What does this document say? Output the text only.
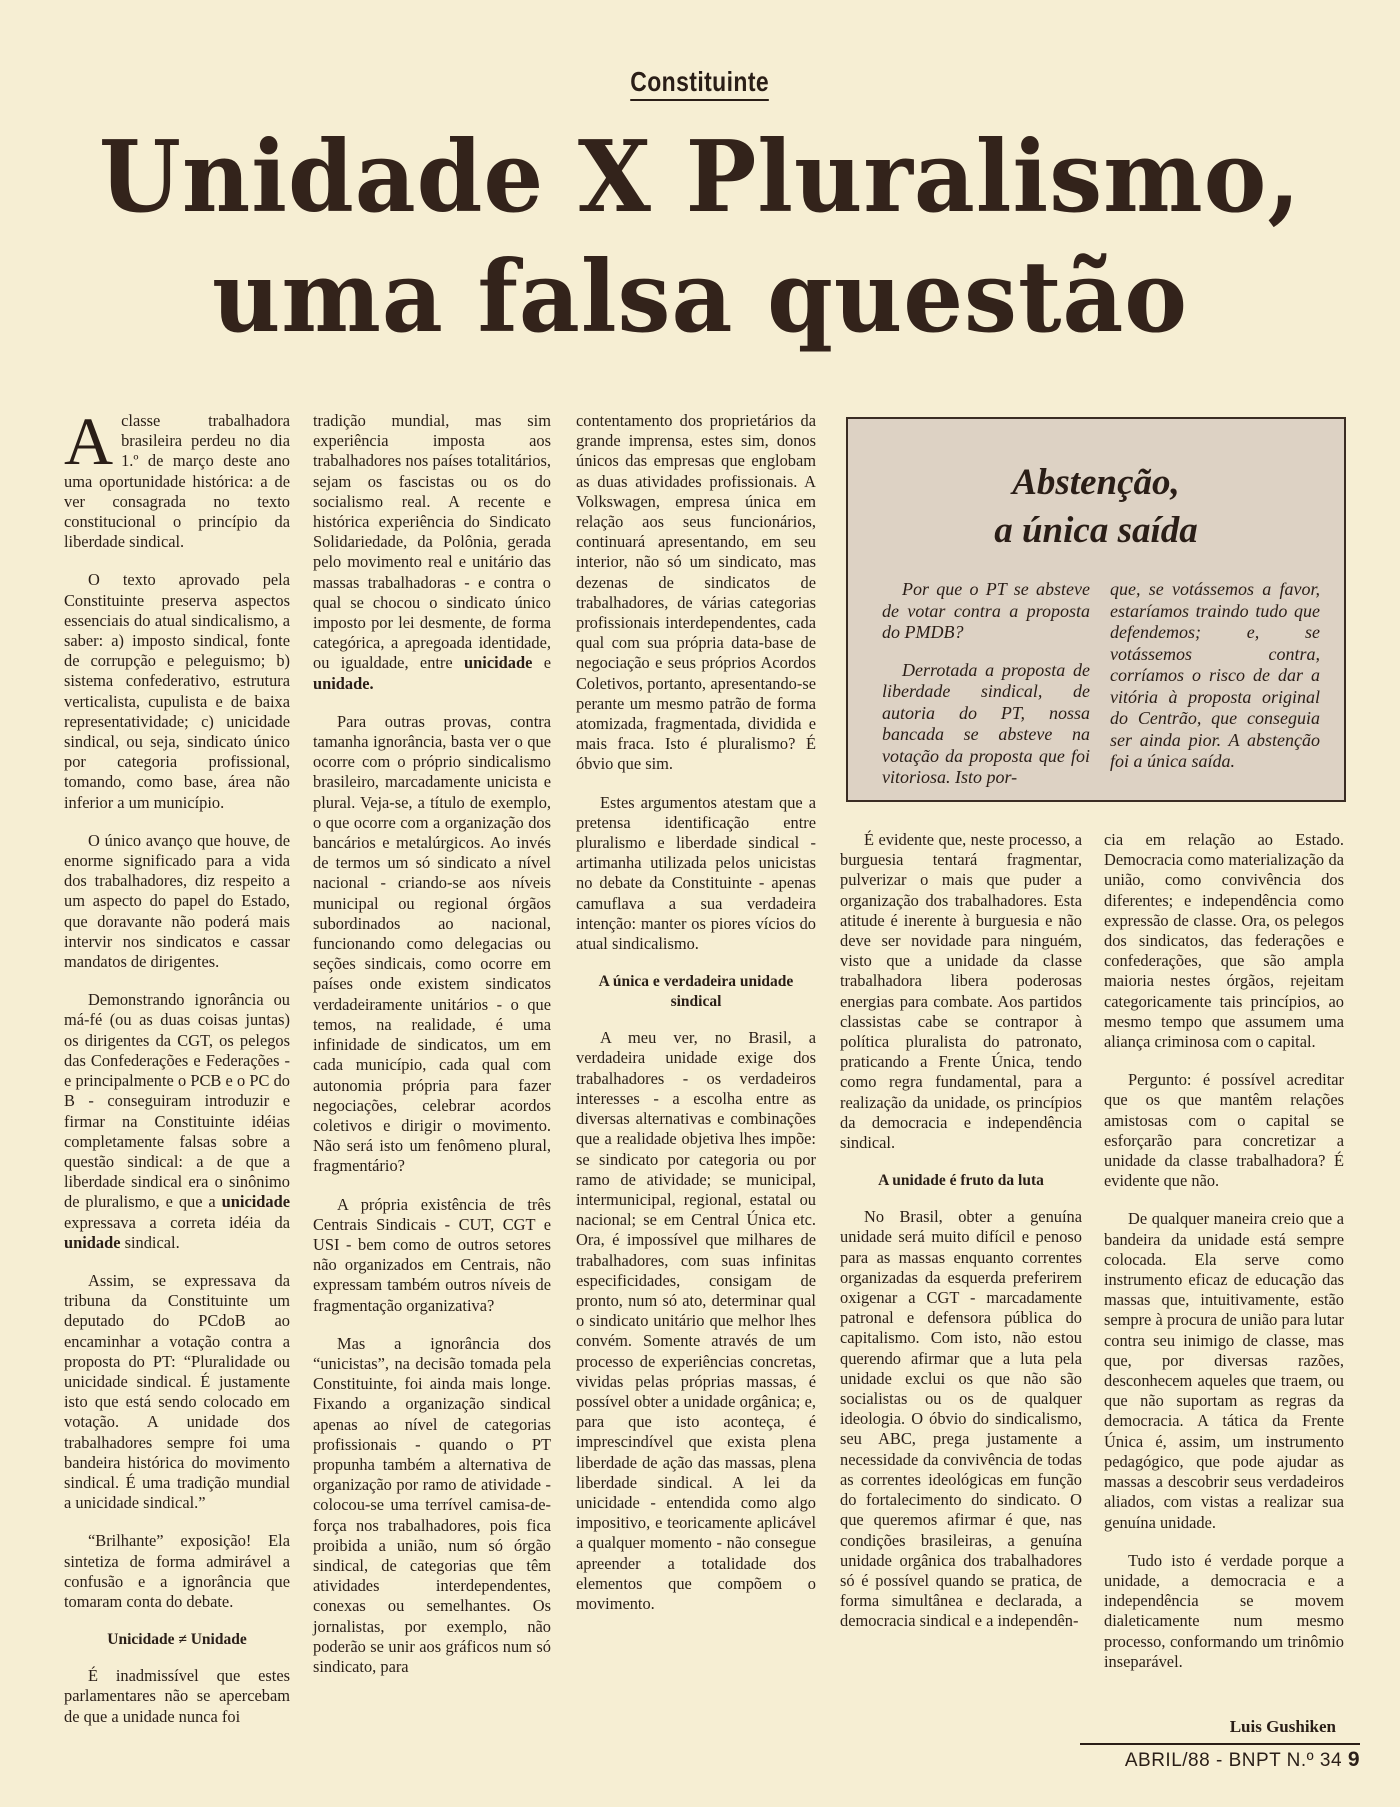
Constituinte
Unidade X Pluralismo,
uma falsa questão

Aclasse trabalhadora brasileira perdeu no dia 1.º de março deste ano uma oportunidade histórica: a de ver consagrada no texto constitucional o princípio da liberdade sindical.

O texto aprovado pela Constituinte preserva aspectos essenciais do atual sindicalismo, a saber: a) imposto sindical, fonte de corrupção e peleguismo; b) sistema confederativo, estrutura verticalista, cupulista e de baixa representatividade; c) unicidade sindical, ou seja, sindicato único por categoria profissional, tomando, como base, área não inferior a um município.

O único avanço que houve, de enorme significado para a vida dos trabalhadores, diz respeito a um aspecto do papel do Estado, que doravante não poderá mais intervir nos sindicatos e cassar mandatos de dirigentes.

Demonstrando ignorância ou má-fé (ou as duas coisas juntas) os dirigentes da CGT, os pelegos das Confederações e Federações - e principalmente o PCB e o PC do B - conseguiram introduzir e firmar na Constituinte idéias completamente falsas sobre a questão sindical: a de que a liberdade sindical era o sinônimo de pluralismo, e que a unicidade expressava a correta idéia da unidade sindical.

Assim, se expressava da tribuna da Constituinte um deputado do PCdoB ao encaminhar a votação contra a proposta do PT: “Pluralidade ou unicidade sindical. É justamente isto que está sendo colocado em votação. A unidade dos trabalhadores sempre foi uma bandeira histórica do movimento sindical. É uma tradição mundial a unicidade sindical.”

“Brilhante” exposição! Ela sintetiza de forma admirável a confusão e a ignorância que tomaram conta do debate.

Unicidade ≠ Unidade

É inadmissível que estes parlamentares não se apercebam de que a unidade nunca foi

tradição mundial, mas sim experiência imposta aos trabalhadores nos países totalitários, sejam os fascistas ou os do socialismo real. A recente e histórica experiência do Sindicato Solidariedade, da Polônia, gerada pelo movimento real e unitário das massas trabalhadoras - e contra o qual se chocou o sindicato único imposto por lei desmente, de forma categórica, a apregoada identidade, ou igualdade, entre unicidade e unidade.

Para outras provas, contra tamanha ignorância, basta ver o que ocorre com o próprio sindicalismo brasileiro, marcadamente unicista e plural. Veja-se, a título de exemplo, o que ocorre com a organização dos bancários e metalúrgicos. Ao invés de termos um só sindicato a nível nacional - criando-se aos níveis municipal ou regional órgãos subordinados ao nacional, funcionando como delegacias ou seções sindicais, como ocorre em países onde existem sindicatos verdadeiramente unitários - o que temos, na realidade, é uma infinidade de sindicatos, um em cada município, cada qual com autonomia própria para fazer negociações, celebrar acordos coletivos e dirigir o movimento. Não será isto um fenômeno plural, fragmentário?

A própria existência de três Centrais Sindicais - CUT, CGT e USI - bem como de outros setores não organizados em Centrais, não expressam também outros níveis de fragmentação organizativa?

Mas a ignorância dos “unicistas”, na decisão tomada pela Constituinte, foi ainda mais longe. Fixando a organização sindical apenas ao nível de categorias profissionais - quando o PT propunha também a alternativa de organização por ramo de atividade - colocou-se uma terrível camisa-de-força nos trabalhadores, pois fica proibida a união, num só órgão sindical, de categorias que têm atividades interdependentes, conexas ou semelhantes. Os jornalistas, por exemplo, não poderão se unir aos gráficos num só sindicato, para

contentamento dos proprietários da grande imprensa, estes sim, donos únicos das empresas que englobam as duas atividades profissionais. A Volkswagen, empresa única em relação aos seus funcionários, continuará apresentando, em seu interior, não só um sindicato, mas dezenas de sindicatos de trabalhadores, de várias categorias profissionais interdependentes, cada qual com sua própria data-base de negociação e seus próprios Acordos Coletivos, portanto, apresentando-se perante um mesmo patrão de forma atomizada, fragmentada, dividida e mais fraca. Isto é pluralismo? É óbvio que sim.

Estes argumentos atestam que a pretensa identificação entre pluralismo e liberdade sindical - artimanha utilizada pelos unicistas no debate da Constituinte - apenas camuflava a sua verdadeira intenção: manter os piores vícios do atual sindicalismo.

A única e verdadeira unidade sindical

A meu ver, no Brasil, a verdadeira unidade exige dos trabalhadores - os verdadeiros interesses - a escolha entre as diversas alternativas e combinações que a realidade objetiva lhes impõe: se sindicato por categoria ou por ramo de atividade; se municipal, intermunicipal, regional, estatal ou nacional; se em Central Única etc. Ora, é impossível que milhares de trabalhadores, com suas infinitas especificidades, consigam de pronto, num só ato, determinar qual o sindicato unitário que melhor lhes convém. Somente através de um processo de experiências concretas, vividas pelas próprias massas, é possível obter a unidade orgânica; e, para que isto aconteça, é imprescindível que exista plena liberdade de ação das massas, plena liberdade sindical. A lei da unicidade - entendida como algo impositivo, e teoricamente aplicável a qualquer momento - não consegue apreender a totalidade dos elementos que compõem o movimento.

Abstenção,
a única saída

Por que o PT se absteve de votar contra a proposta do PMDB?

Derrotada a proposta de liberdade sindical, de autoria do PT, nossa bancada se absteve na votação da proposta que foi vitoriosa. Isto por-

que, se votássemos a favor, estaríamos traindo tudo que defendemos; e, se votássemos contra, corríamos o risco de dar a vitória à proposta original do Centrão, que conseguia ser ainda pior. A abstenção foi a única saída.

É evidente que, neste processo, a burguesia tentará fragmentar, pulverizar o mais que puder a organização dos trabalhadores. Esta atitude é inerente à burguesia e não deve ser novidade para ninguém, visto que a unidade da classe trabalhadora libera poderosas energias para combate. Aos partidos classistas cabe se contrapor à política pluralista do patronato, praticando a Frente Única, tendo como regra fundamental, para a realização da unidade, os princípios da democracia e independência sindical.

A unidade é fruto da luta

No Brasil, obter a genuína unidade será muito difícil e penoso para as massas enquanto correntes organizadas da esquerda preferirem oxigenar a CGT - marcadamente patronal e defensora pública do capitalismo. Com isto, não estou querendo afirmar que a luta pela unidade exclui os que não são socialistas ou os de qualquer ideologia. O óbvio do sindicalismo, seu ABC, prega justamente a necessidade da convivência de todas as correntes ideológicas em função do fortalecimento do sindicato. O que queremos afirmar é que, nas condições brasileiras, a genuína unidade orgânica dos trabalhadores só é possível quando se pratica, de forma simultânea e declarada, a democracia sindical e a independên-

cia em relação ao Estado. Democracia como materialização da união, como convivência dos diferentes; e independência como expressão de classe. Ora, os pelegos dos sindicatos, das federações e confederações, que são ampla maioria nestes órgãos, rejeitam categoricamente tais princípios, ao mesmo tempo que assumem uma aliança criminosa com o capital.

Pergunto: é possível acreditar que os que mantêm relações amistosas com o capital se esforçarão para concretizar a unidade da classe trabalhadora? É evidente que não.

De qualquer maneira creio que a bandeira da unidade está sempre colocada. Ela serve como instrumento eficaz de educação das massas que, intuitivamente, estão sempre à procura de união para lutar contra seu inimigo de classe, mas que, por diversas razões, desconhecem aqueles que traem, ou que não suportam as regras da democracia. A tática da Frente Única é, assim, um instrumento pedagógico, que pode ajudar as massas a descobrir seus verdadeiros aliados, com vistas a realizar sua genuína unidade.

Tudo isto é verdade porque a unidade, a democracia e a independência se movem dialeticamente num mesmo processo, conformando um trinômio inseparável.

Luis Gushiken
ABRIL/88 - BNPT N.º 34 9
